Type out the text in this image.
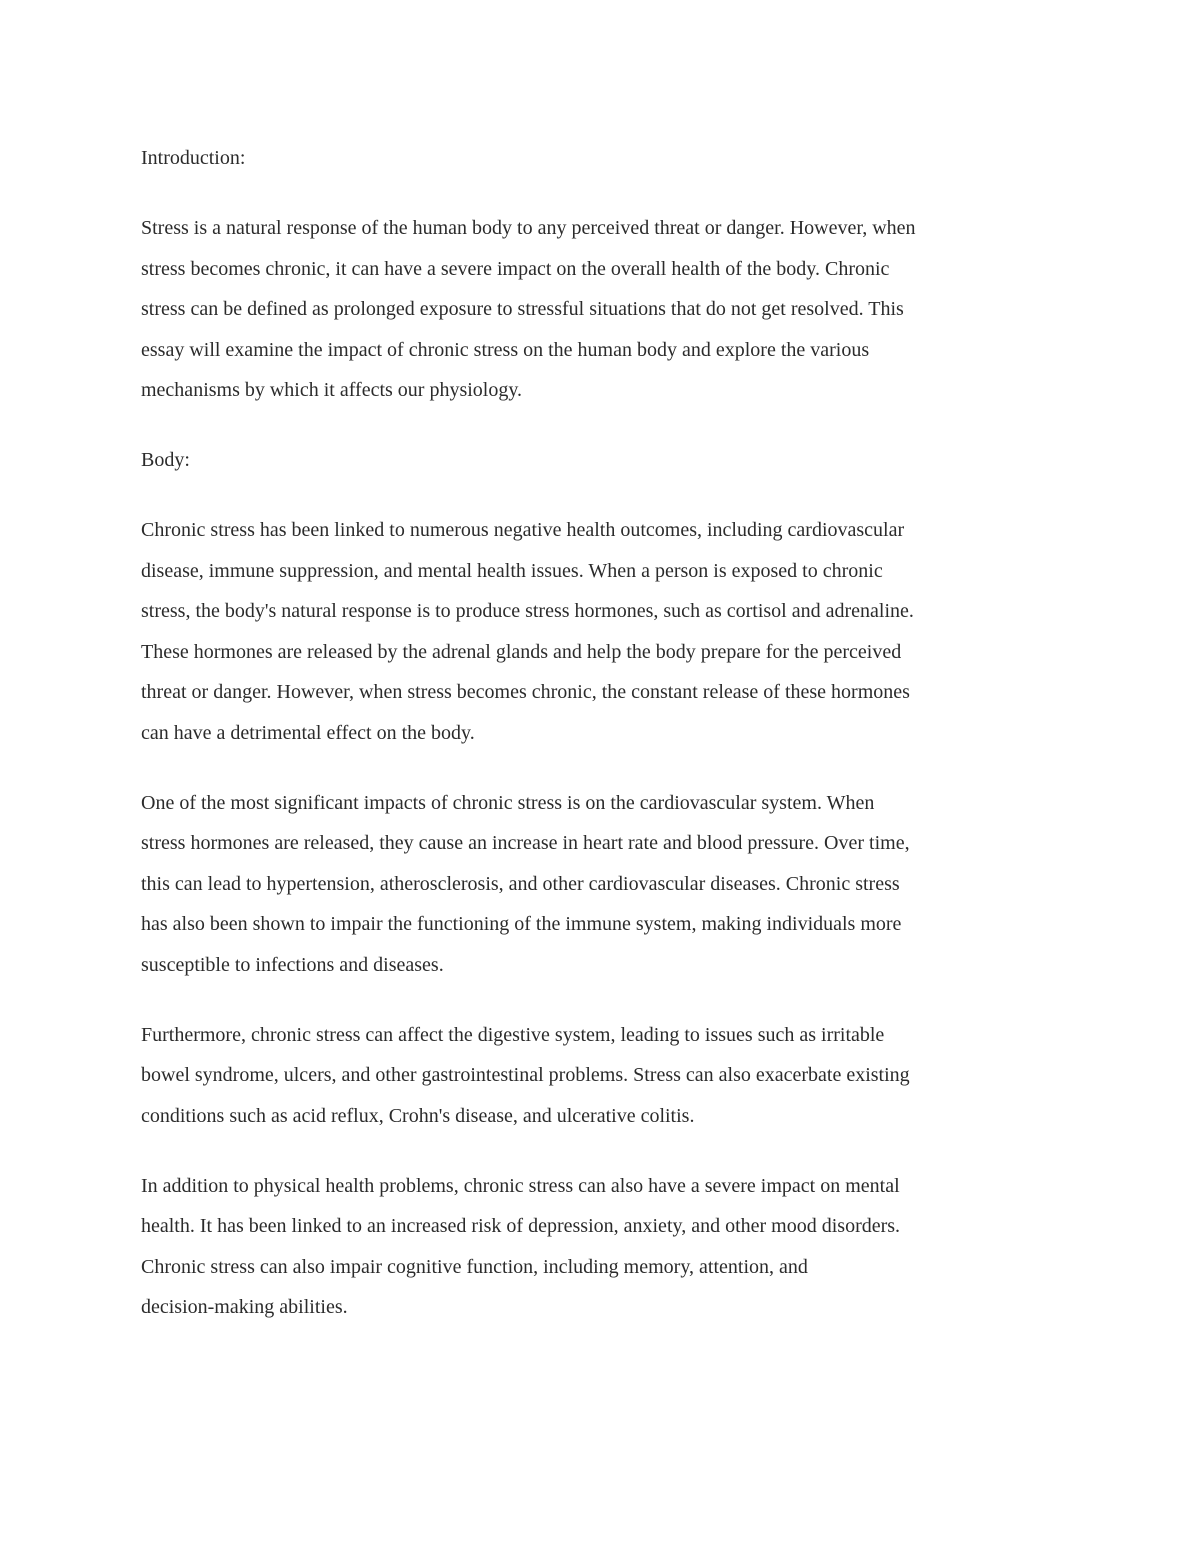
Introduction:

Stress is a natural response of the human body to any perceived threat or danger. However, when
stress becomes chronic, it can have a severe impact on the overall health of the body. Chronic
stress can be defined as prolonged exposure to stressful situations that do not get resolved. This
essay will examine the impact of chronic stress on the human body and explore the various
mechanisms by which it affects our physiology.

Body:

Chronic stress has been linked to numerous negative health outcomes, including cardiovascular
disease, immune suppression, and mental health issues. When a person is exposed to chronic
stress, the body's natural response is to produce stress hormones, such as cortisol and adrenaline.
These hormones are released by the adrenal glands and help the body prepare for the perceived
threat or danger. However, when stress becomes chronic, the constant release of these hormones
can have a detrimental effect on the body.

One of the most significant impacts of chronic stress is on the cardiovascular system. When
stress hormones are released, they cause an increase in heart rate and blood pressure. Over time,
this can lead to hypertension, atherosclerosis, and other cardiovascular diseases. Chronic stress
has also been shown to impair the functioning of the immune system, making individuals more
susceptible to infections and diseases.

Furthermore, chronic stress can affect the digestive system, leading to issues such as irritable
bowel syndrome, ulcers, and other gastrointestinal problems. Stress can also exacerbate existing
conditions such as acid reflux, Crohn's disease, and ulcerative colitis.

In addition to physical health problems, chronic stress can also have a severe impact on mental
health. It has been linked to an increased risk of depression, anxiety, and other mood disorders.
Chronic stress can also impair cognitive function, including memory, attention, and
decision-making abilities.
